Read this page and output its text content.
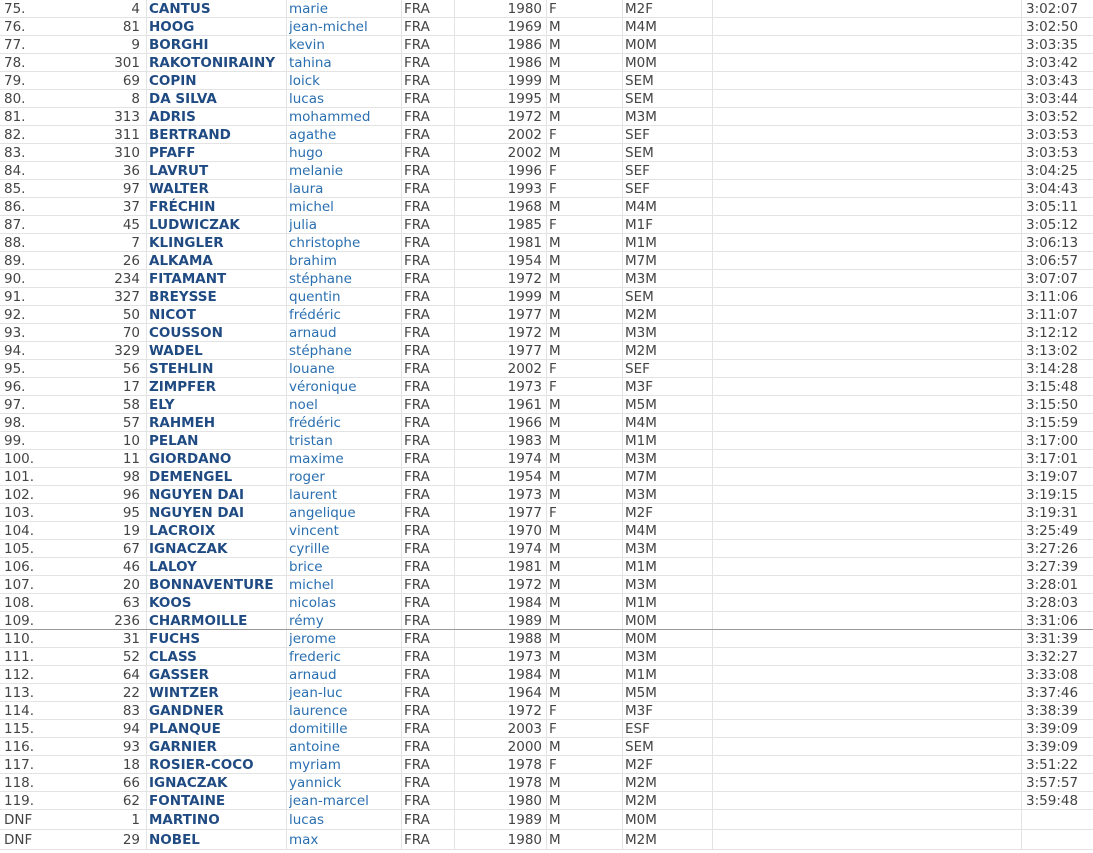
75.	4 CANTUS	marie	FRA	1980 F	M2F	3:02:07
76.	81 HOOG	jean-michel	FRA	1969 M	M4M	3:02:50
77.	9 BORGHI	kevin	FRA	1986 M	M0M	3:03:35
78.	301 RAKOTONIRAINY	tahina	FRA	1986 M	M0M	3:03:42
79.	69 COPIN	loick	FRA	1999 M	SEM	3:03:43
80.	8 DA SILVA	lucas	FRA	1995 M	SEM	3:03:44
81.	313 ADRIS	mohammed	FRA	1972 M	M3M	3:03:52
82.	311 BERTRAND	agathe	FRA	2002 F	SEF	3:03:53
83.	310 PFAFF	hugo	FRA	2002 M	SEM	3:03:53
84.	36 LAVRUT	melanie	FRA	1996 F	SEF	3:04:25
85.	97 WALTER	laura	FRA	1993 F	SEF	3:04:43
86.	37 FRÉCHIN	michel	FRA	1968 M	M4M	3:05:11
87.	45 LUDWICZAK	julia	FRA	1985 F	M1F	3:05:12
88.	7 KLINGLER	christophe	FRA	1981 M	M1M	3:06:13
89.	26 ALKAMA	brahim	FRA	1954 M	M7M	3:06:57
90.	234 FITAMANT	stéphane	FRA	1972 M	M3M	3:07:07
91.	327 BREYSSE	quentin	FRA	1999 M	SEM	3:11:06
92.	50 NICOT	frédéric	FRA	1977 M	M2M	3:11:07
93.	70 COUSSON	arnaud	FRA	1972 M	M3M	3:12:12
94.	329 WADEL	stéphane	FRA	1977 M	M2M	3:13:02
95.	56 STEHLIN	louane	FRA	2002 F	SEF	3:14:28
96.	17 ZIMPFER	véronique	FRA	1973 F	M3F	3:15:48
97.	58 ELY	noel	FRA	1961 M	M5M	3:15:50
98.	57 RAHMEH	frédéric	FRA	1966 M	M4M	3:15:59
99.	10 PELAN	tristan	FRA	1983 M	M1M	3:17:00
100.	11 GIORDANO	maxime	FRA	1974 M	M3M	3:17:01
101.	98 DEMENGEL	roger	FRA	1954 M	M7M	3:19:07
102.	96 NGUYEN DAI	laurent	FRA	1973 M	M3M	3:19:15
103.	95 NGUYEN DAI	angelique	FRA	1977 F	M2F	3:19:31
104.	19 LACROIX	vincent	FRA	1970 M	M4M	3:25:49
105.	67 IGNACZAK	cyrille	FRA	1974 M	M3M	3:27:26
106.	46 LALOY	brice	FRA	1981 M	M1M	3:27:39
107.	20 BONNAVENTURE	michel	FRA	1972 M	M3M	3:28:01
108.	63 KOOS	nicolas	FRA	1984 M	M1M	3:28:03
109.	236 CHARMOILLE	rémy	FRA	1989 M	M0M	3:31:06
110.	31 FUCHS	jerome	FRA	1988 M	M0M	3:31:39
111.	52 CLASS	frederic	FRA	1973 M	M3M	3:32:27
112.	64 GASSER	arnaud	FRA	1984 M	M1M	3:33:08
113.	22 WINTZER	jean-luc	FRA	1964 M	M5M	3:37:46
114.	83 GANDNER	laurence	FRA	1972 F	M3F	3:38:39
115.	94 PLANQUE	domitille	FRA	2003 F	ESF	3:39:09
116.	93 GARNIER	antoine	FRA	2000 M	SEM	3:39:09
117.	18 ROSIER-COCO	myriam	FRA	1978 F	M2F	3:51:22
118.	66 IGNACZAK	yannick	FRA	1978 M	M2M	3:57:57
119.	62 FONTAINE	jean-marcel	FRA	1980 M	M2M	3:59:48
DNF	1 MARTINO	lucas	FRA	1989 M	M0M
DNF	29 NOBEL	max	FRA	1980 M	M2M
